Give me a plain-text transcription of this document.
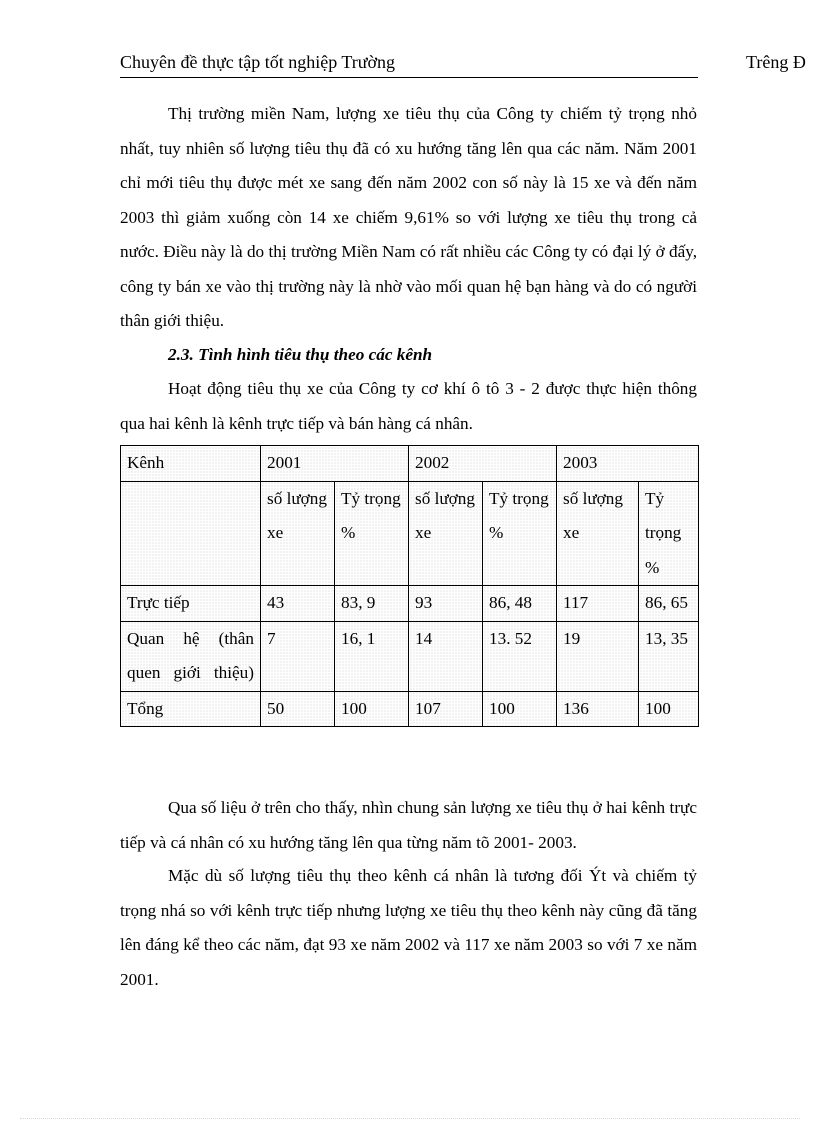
Chuyên đề thực tập tốt nghiệp Trường	Trêng Đ

Thị trường miền Nam, lượng xe tiêu thụ của Công ty chiếm tỷ trọng nhỏ nhất, tuy nhiên số lượng tiêu thụ đã có xu hướng tăng lên qua các năm. Năm 2001 chỉ mới tiêu thụ được mét xe sang đến năm 2002 con số này là 15 xe và đến năm 2003 thì giảm xuống còn 14 xe chiếm 9,61% so với lượng xe tiêu thụ trong cả nước. Điều này là do thị trường Miền Nam có rất nhiều các Công ty có đại lý ở đấy, công ty bán xe vào thị trường này là nhờ vào mối quan hệ bạn hàng và do có người thân giới thiệu.

2.3. Tình hình tiêu thụ theo các kênh

Hoạt động tiêu thụ xe của Công ty cơ khí ô tô 3 - 2 được thực hiện thông qua hai kênh là kênh trực tiếp và bán hàng cá nhân.

Kênh	2001		2002		2003	
	số lượng xe	Tỷ trọng %	số lượng xe	Tỷ trọng %	số lượng xe	Tỷ trọng %
Trực tiếp	43	83, 9	93	86, 48	117	86, 65
Quan hệ (thân quen giới thiệu)	7	16, 1	14	13. 52	19	13, 35
Tổng	50	100	107	100	136	100

Qua số liệu ở trên cho thấy, nhìn chung sản lượng xe tiêu thụ ở hai kênh trực tiếp và cá nhân có xu hướng tăng lên qua từng năm tõ 2001- 2003.

Mặc dù số lượng tiêu thụ theo kênh cá nhân là tương đối Ýt và chiếm tỷ trọng nhá so với kênh trực tiếp nhưng lượng xe tiêu thụ theo kênh này cũng đã tăng lên đáng kể theo các năm, đạt 93 xe năm 2002 và 117 xe năm 2003 so với 7 xe năm 2001.
